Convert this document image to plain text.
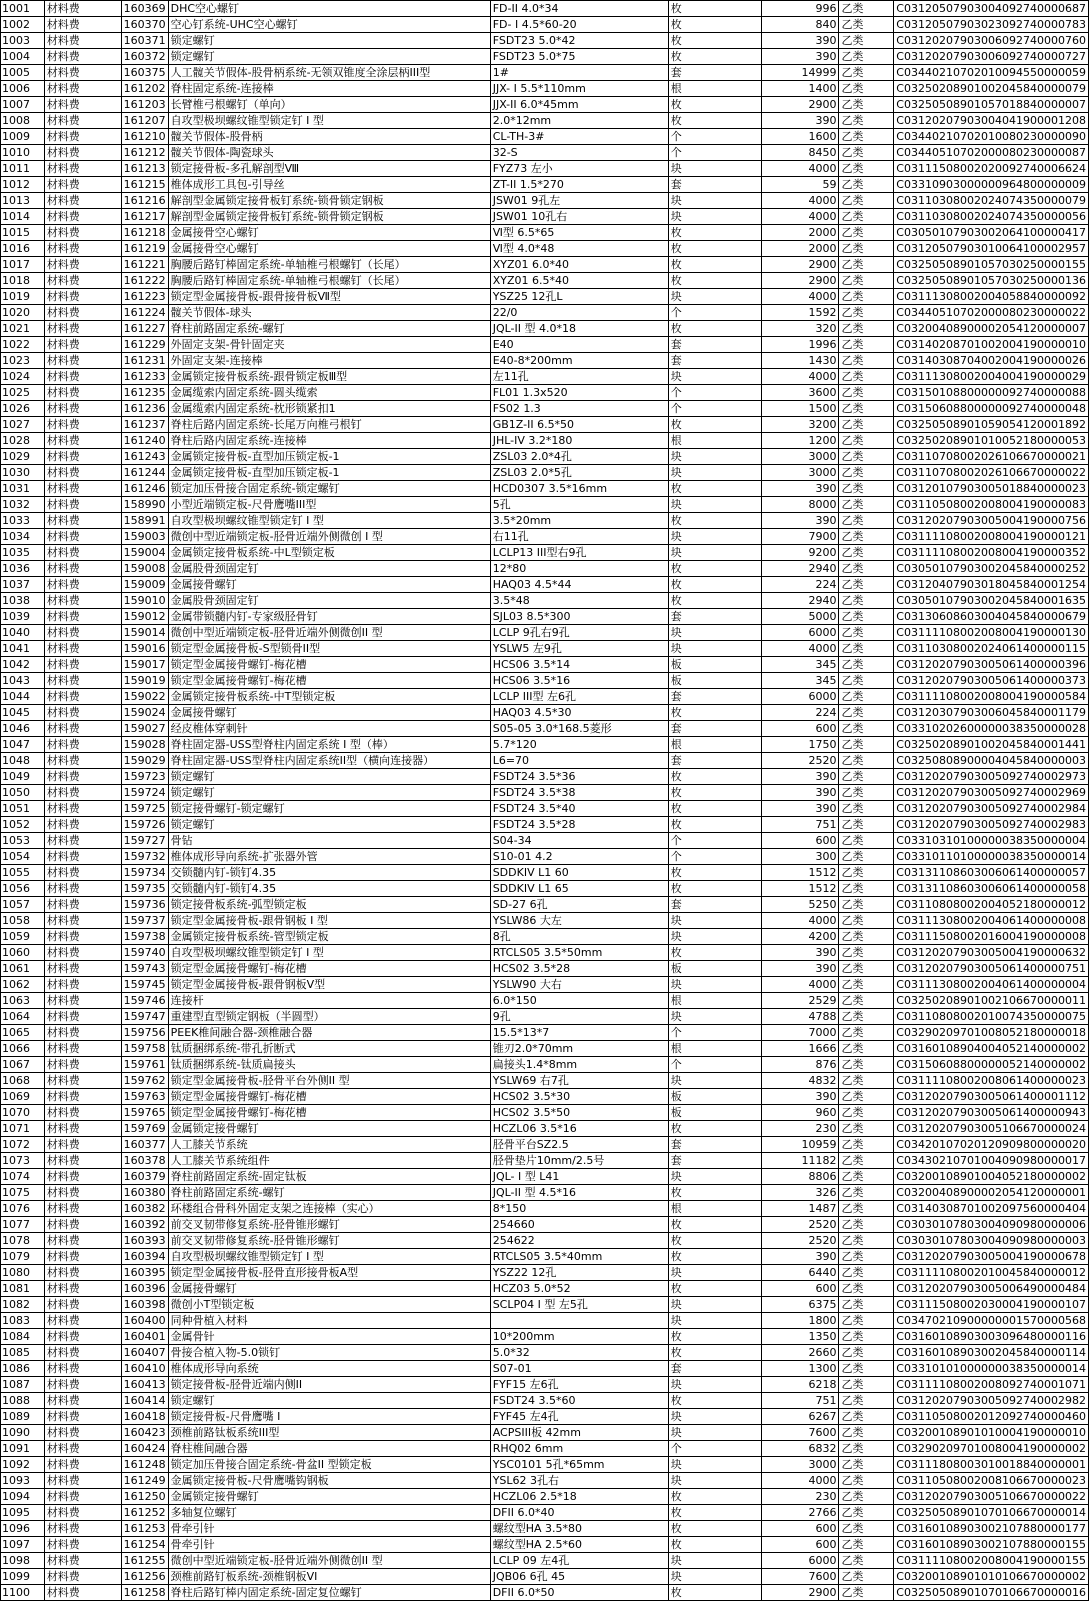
1001	材料费	160369	DHC空心螺钉	FD-II 4.0*34	枚	996	乙类	C03120507903004092740000687
1002	材料费	160370	空心钉系统-UHC空心螺钉	FD- I 4.5*60-20	枚	840	乙类	C03120507903023092740000783
1003	材料费	160371	锁定螺钉	FSDT23 5.0*42	枚	390	乙类	C03120207903006092740000760
1004	材料费	160372	锁定螺钉	FSDT23 5.0*75	枚	390	乙类	C03120207903006092740000727
1005	材料费	160375	人工髋关节假体-股骨柄系统-无领双锥度全涂层柄III型	1#	套	14999	乙类	C03440210702010094550000059
1006	材料费	161202	脊柱固定系统-连接棒	JJX- I 5.5*110mm	根	1400	乙类	C03250208901002045840000079
1007	材料费	161203	长臂椎弓根螺钉（单向）	JJX-II 6.0*45mm	枚	2900	乙类	C03250508901057018840000007
1008	材料费	161207	自攻型极坝螺纹锥型锁定钉 I 型	2.0*12mm	枚	390	乙类	C03120207903004041900001208
1009	材料费	161210	髋关节假体-股骨柄	CL-TH-3#	个	1600	乙类	C03440210702010080230000090
1010	材料费	161212	髋关节假体-陶瓷球头	32-S	个	8450	乙类	C03440510702000080230000087
1011	材料费	161213	锁定接骨板-多孔解剖型Ⅷ	FYZ73 左小	块	4000	乙类	C03111508002020092740006624
1012	材料费	161215	椎体成形工具包-引导丝	ZT-II 1.5*270	套	59	乙类	C03310903000000964800000009
1013	材料费	161216	解剖型金属锁定接骨板钉系统-锁骨锁定钢板	JSW01 9孔左	块	4000	乙类	C03110308002024074350000079
1014	材料费	161217	解剖型金属锁定接骨板钉系统-锁骨锁定钢板	JSW01 10孔右	块	4000	乙类	C03110308002024074350000056
1015	材料费	161218	金属接骨空心螺钉	Ⅵ型 6.5*65	枚	2000	乙类	C03050107903002064100000417
1016	材料费	161219	金属接骨空心螺钉	Ⅵ型 4.0*48	枚	2000	乙类	C03120507903010064100002957
1017	材料费	161221	胸腰后路钉棒固定系统-单轴椎弓根螺钉（长尾）	XYZ01 6.0*40	枚	2900	乙类	C03250508901057030250000155
1018	材料费	161222	胸腰后路钉棒固定系统-单轴椎弓根螺钉（长尾）	XYZ01 6.5*40	枚	2900	乙类	C03250508901057030250000136
1019	材料费	161223	锁定型金属接骨板-跟骨接骨板Ⅶ型	YSZ25 12孔L	块	4000	乙类	C03111308002004058840000092
1020	材料费	161224	髋关节假体-球头	22/0	个	1592	乙类	C03440510702000080230000022
1021	材料费	161227	脊柱前路固定系统-螺钉	JQL-II 型 4.0*18	枚	320	乙类	C03200408900002054120000007
1022	材料费	161229	外固定支架-骨针固定夹	E40	套	1996	乙类	C03140208701002004190000010
1023	材料费	161231	外固定支架-连接棒	E40-8*200mm	套	1430	乙类	C03140308704002004190000026
1024	材料费	161233	金属锁定接骨板系统-跟骨锁定板Ⅲ型	左11孔	块	4000	乙类	C03111308002004004190000029
1025	材料费	161235	金属缆索内固定系统-圆头缆索	FL01 1.3x520	个	3600	乙类	C03150108800000092740000088
1026	材料费	161236	金属缆索内固定系统-枕形锁紧扣1	FS02 1.3	个	1500	乙类	C03150608800000092740000048
1027	材料费	161237	脊柱后路内固定系统-长尾万向椎弓根钉	GB1Z-II 6.5*50	枚	3200	乙类	C03250508901059054120001892
1028	材料费	161240	脊柱后路内固定系统-连接棒	JHL-IV 3.2*180	根	1200	乙类	C03250208901010052180000053
1029	材料费	161243	金属锁定接骨板-直型加压锁定板-1	ZSL03 2.0*4孔	块	3000	乙类	C03110708002026106670000021
1030	材料费	161244	金属锁定接骨板-直型加压锁定板-1	ZSL03 2.0*5孔	块	3000	乙类	C03110708002026106670000022
1031	材料费	161246	锁定加压骨接合固定系统-锁定螺钉	HCD0307 3.5*16mm	枚	390	乙类	C03120107903005018840000023
1032	材料费	158990	小型近端锁定板-尺骨鹰嘴III型	5孔	块	8000	乙类	C03110508002008004190000083
1033	材料费	158991	自攻型极坝螺纹锥型锁定钉 I 型	3.5*20mm	枚	390	乙类	C03120207903005004190000756
1034	材料费	159003	微创中型近端锁定板-胫骨近端外侧微创 I 型	右11孔	块	7900	乙类	C03111108002008004190000121
1035	材料费	159004	金属锁定接骨板系统-中L型锁定板	LCLP13 III型右9孔	块	9200	乙类	C03111108002008004190000352
1036	材料费	159008	金属股骨颈固定钉	12*80	枚	2940	乙类	C03050107903002045840000252
1037	材料费	159009	金属接骨螺钉	HAQ03 4.5*44	枚	224	乙类	C03120407903018045840001254
1038	材料费	159010	金属股骨颈固定钉	3.5*48	枚	2940	乙类	C03050107903002045840001635
1039	材料费	159012	金属带锁髓内钉-专家级胫骨钉	SJL03 8.5*300	套	5000	乙类	C03130608603004045840000679
1040	材料费	159014	微创中型近端锁定板-胫骨近端外侧微创II 型	LCLP 9孔右9孔	块	6000	乙类	C03111108002008004190000130
1041	材料费	159016	锁定型金属接骨板-S型锁骨II型	YSLW5 左9孔	块	4000	乙类	C03110308002024061400000115
1042	材料费	159017	锁定型金属接骨螺钉-梅花槽	HCS06 3.5*14	板	345	乙类	C03120207903005061400000396
1043	材料费	159019	锁定型金属接骨螺钉-梅花槽	HCS06 3.5*16	板	345	乙类	C03120207903005061400000373
1044	材料费	159022	金属锁定接骨板系统-中T型锁定板	LCLP III型 左6孔	套	6000	乙类	C03111108002008004190000584
1045	材料费	159024	金属接骨螺钉	HAQ03 4.5*30	枚	224	乙类	C03120307903006045840001179
1046	材料费	159027	经皮椎体穿刺针	S05-05 3.0*168.5菱形	套	600	乙类	C03310202600000038350000028
1047	材料费	159028	脊柱固定器-USS型脊柱内固定系统 I 型（棒）	5.7*120	根	1750	乙类	C03250208901002045840001441
1048	材料费	159029	脊柱固定器-USS型脊柱内固定系统II型（横向连接器）	L6=70	套	2520	乙类	C03250808900004045840000003
1049	材料费	159723	锁定螺钉	FSDT24 3.5*36	枚	390	乙类	C03120207903005092740002973
1050	材料费	159724	锁定螺钉	FSDT24 3.5*38	枚	390	乙类	C03120207903005092740002969
1051	材料费	159725	锁定接骨螺钉-锁定螺钉	FSDT24 3.5*40	枚	390	乙类	C03120207903005092740002984
1052	材料费	159726	锁定螺钉	FSDT24 3.5*28	枚	751	乙类	C03120207903005092740002983
1053	材料费	159727	骨钻	S04-34	个	600	乙类	C03310310100000038350000004
1054	材料费	159732	椎体成形导向系统-扩张器外管	S10-01 4.2	个	300	乙类	C03310110100000038350000014
1055	材料费	159734	交锁髓内钉-锁钉4.35	SDDKIV L1 60	枚	1512	乙类	C03131108603006061400000057
1056	材料费	159735	交锁髓内钉-锁钉4.35	SDDKIV L1 65	枚	1512	乙类	C03131108603006061400000058
1057	材料费	159736	锁定接骨板系统-弧型锁定板	SD-27 6孔	套	5250	乙类	C03110808002004052180000012
1058	材料费	159737	锁定型金属接骨板-跟骨钢板 I 型	YSLW86 大左	块	4000	乙类	C03111308002004061400000008
1059	材料费	159738	金属锁定接骨板系统-管型锁定板	8孔	块	4200	乙类	C03111508002016004190000008
1060	材料费	159740	自攻型极坝螺纹锥型锁定钉 I 型	RTCLS05 3.5*50mm	枚	390	乙类	C03120207903005004190000632
1061	材料费	159743	锁定型金属接骨螺钉-梅花槽	HCS02 3.5*28	板	390	乙类	C03120207903005061400000751
1062	材料费	159745	锁定型金属接骨板-跟骨钢板V型	YSLW90 大右	块	4000	乙类	C03111308002004061400000004
1063	材料费	159746	连接杆	6.0*150	根	2529	乙类	C03250208901002106670000011
1064	材料费	159747	重建型直型锁定钢板（半圆型）	9孔	块	4788	乙类	C03110808002010074350000075
1065	材料费	159756	PEEK椎间融合器-颈椎融合器	15.5*13*7	个	7000	乙类	C03290209701008052180000018
1066	材料费	159758	钛质捆绑系统-带孔折断式	锥刃2.0*70mm	根	1666	乙类	C03160108904004052140000002
1067	材料费	159761	钛质捆绑系统-钛质扁接头	扁接头1.4*8mm	个	876	乙类	C03150608800000052140000002
1068	材料费	159762	锁定型金属接骨板-胫骨平台外侧II 型	YSLW69 右7孔	块	4832	乙类	C03111108002008061400000023
1069	材料费	159763	锁定型金属接骨螺钉-梅花槽	HCS02 3.5*30	板	390	乙类	C03120207903005061400001112
1070	材料费	159765	锁定型金属接骨螺钉-梅花槽	HCS02 3.5*50	板	960	乙类	C03120207903005061400000943
1071	材料费	159769	金属锁定接骨螺钉	HCZL06 3.5*16	枚	230	乙类	C03120207903005106670000024
1072	材料费	160377	人工膝关节系统	胫骨平台SZ2.5	套	10959	乙类	C03420107020120909800000020
1073	材料费	160378	人工膝关节系统组件	胫骨垫片10mm/2.5号	套	11182	乙类	C03430210701004090980000017
1074	材料费	160379	脊柱前路固定系统-固定钛板	JQL- I 型 L41	块	8806	乙类	C03200108901004052180000002
1075	材料费	160380	脊柱前路固定系统-螺钉	JQL-II 型 4.5*16	枚	326	乙类	C03200408900002054120000001
1076	材料费	160382	环楼组合骨科外固定支架之连接棒（实心）	8*150	根	1487	乙类	C03140308701002097560000404
1077	材料费	160392	前交叉韧带修复系统-胫骨锥形螺钉	254660	枚	2520	乙类	C03030107803004090980000006
1078	材料费	160393	前交叉韧带修复系统-胫骨锥形螺钉	254622	枚	2520	乙类	C03030107803004090980000003
1079	材料费	160394	自攻型极坝螺纹锥型锁定钉 I 型	RTCLS05 3.5*40mm	枚	390	乙类	C03120207903005004190000678
1080	材料费	160395	锁定型金属接骨板-胫骨直形接骨板A型	YSZ22 12孔	块	6440	乙类	C03111108002010045840000012
1081	材料费	160396	金属接骨螺钉	HCZ03 5.0*52	枚	600	乙类	C03120207903005006490000484
1082	材料费	160398	微创小T型锁定板	SCLP04 I 型 左5孔	块	6375	乙类	C03111508002030004190000107
1083	材料费	160400	同种骨植入材料		块	1800	乙类	C03470210900000001570000568
1084	材料费	160401	金属骨针	10*200mm	枚	1350	乙类	C03160108903003096480000116
1085	材料费	160407	骨接合植入物-5.0锁钉	5.0*32	枚	2660	乙类	C03160108903002045840000114
1086	材料费	160410	椎体成形导向系统	S07-01	套	1300	乙类	C03310101000000038350000014
1087	材料费	160413	锁定接骨板-胫骨近端内侧II	FYF15 左6孔	块	6218	乙类	C03111108002008092740001071
1088	材料费	160414	锁定螺钉	FSDT24 3.5*60	枚	751	乙类	C03120207903005092740002982
1089	材料费	160418	锁定接骨板-尺骨鹰嘴 I	FYF45 左4孔	块	6267	乙类	C03110508002012092740000460
1090	材料费	160423	颈椎前路钛板系统III型	ACPSIII板 42mm	块	7600	乙类	C03200108901010004190000010
1091	材料费	160424	脊柱椎间融合器	RHQ02 6mm	个	6832	乙类	C03290209701008004190000002
1092	材料费	161248	锁定加压骨接合固定系统-骨盆II 型锁定板	YSC0101 5孔*65mm	块	3000	乙类	C03111808003010018840000001
1093	材料费	161249	金属锁定接骨板-尺骨鹰嘴钩钢板	YSL62 3孔右	块	4000	乙类	C03110508002008106670000023
1094	材料费	161250	金属锁定接骨螺钉	HCZL06 2.5*18	枚	230	乙类	C03120207903005106670000022
1095	材料费	161252	多轴复位螺钉	DFII 6.0*40	枚	2766	乙类	C03250508901070106670000014
1096	材料费	161253	骨牵引针	螺纹型HA 3.5*80	枚	600	乙类	C03160108903002107880000177
1097	材料费	161254	骨牵引针	螺纹型HA 2.5*60	枚	600	乙类	C03160108903002107880000155
1098	材料费	161255	微创中型近端锁定板-胫骨近端外侧微创II 型	LCLP 09 左4孔	块	6000	乙类	C03111108002008004190000155
1099	材料费	161256	颈椎前路钉板系统-颈椎钢板VI	JQB06 6孔 45	块	7600	乙类	C03200108901010106670000002
1100	材料费	161258	脊柱后路钉棒内固定系统-固定复位螺钉	DFII 6.0*50	枚	2900	乙类	C03250508901070106670000016
